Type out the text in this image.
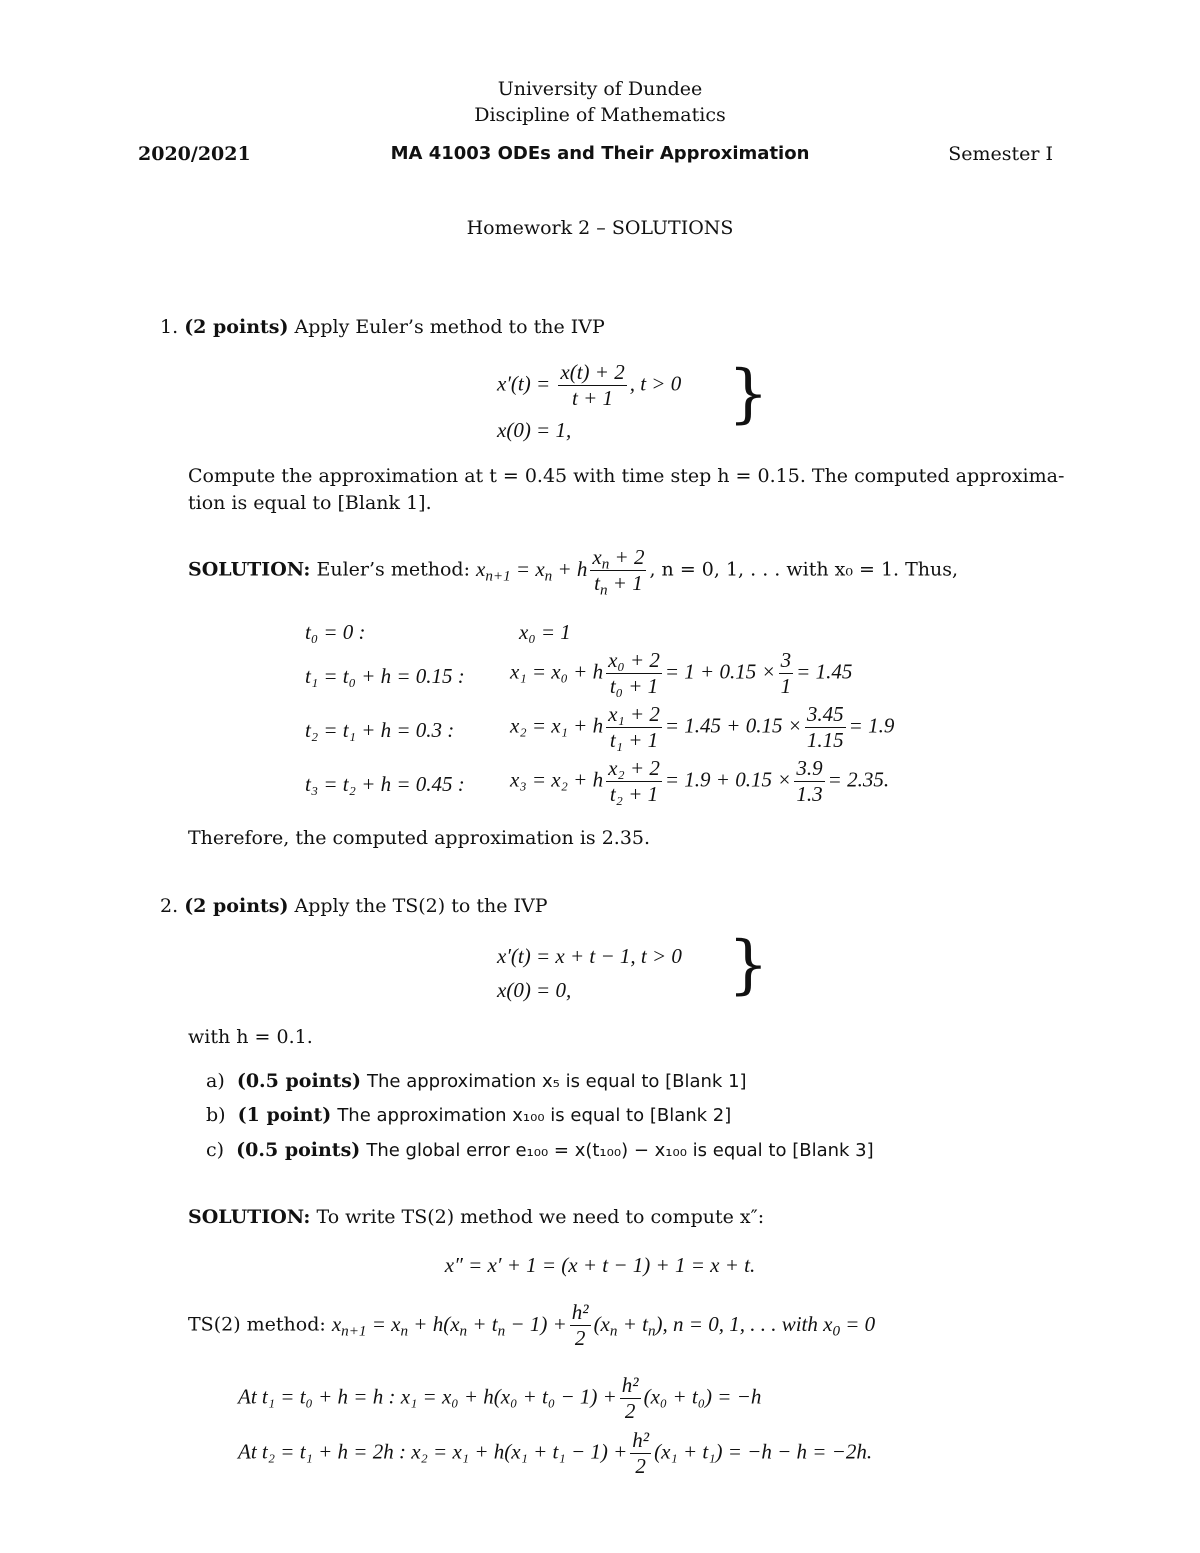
University of Dundee
Discipline of Mathematics
2020/2021	MA 41003 ODEs and Their Approximation	Semester I
Homework 2 – SOLUTIONS
1. (2 points) Apply Euler’s method to the IVP
$x'(t) = \frac{x(t) + 2}{t + 1}$ , t > 0
x(0) = 1, }
Compute the approximation at t = 0.45 with time step h = 0.15. The computed approxima-
tion is equal to [Blank 1].
SOLUTION: Euler’s method: $x_{n+1} = x_n + h \frac{x_n + 2}{t_n + 1}$ , n = 0, 1, . . . with x₀ = 1. Thus,
t₀ = 0 :	x₀ = 1
t₁ = t₀ + h = 0.15 : x₁ = x₀ + h $\frac{\text{x₀ + 2}}{\text{t₀ + 1}} = 1 + 0.15 \times \frac{3}{1} = 1.45$
t₂ = t₁ + h = 0.3 :	x₂ = x₁ + h $\frac{\text{x₁ + 2}}{\text{t₁ + 1}} = 1.45 + 0.15 \times \frac{3.45}{1.15} = 1.9$
t₃ = t₂ + h = 0.45 : x₃ = x₂ + h $\frac{\text{x₂ + 2}}{\text{t₂ + 1}} = 1.9 + 0.15 \times \frac{3.9}{1.3} = 2.35$.
Therefore, the computed approximation is 2.35.
2. (2 points) Apply the TS(2) to the IVP
x′(t) = x + t − 1, t > 0
x(0) = 0, }
with h = 0.1.
a) (0.5 points) The approximation x₅ is equal to [Blank 1]
b) (1 point) The approximation x₁₀₀ is equal to [Blank 2]
c) (0.5 points) The global error e₁₀₀ = x(t₁₀₀) − x₁₀₀ is equal to [Blank 3]
SOLUTION: To write TS(2) method we need to compute x″:
x″ = x′ + 1 = (x + t − 1) + 1 = x + t.
TS(2) method: $x_{n+1} = x_n + h(x_n + t_n - 1) + \frac{\text{h²}}{2} (x_n + t_n)$, n = 0, 1, . . . with $x_0 = 0$
At t₁ = t₀ + h = h : $x_1 = x_0 + h(x_0 + t_0 - 1) + \frac{\text{h²}}{2} (x_0 + t_0) = -h$
At t₂ = t₁ + h = 2h : $x_2 = x_1 + h(x_1 + t_1 - 1) + \frac{\text{h²}}{2} (x_1 + t_1) = -h - h = -2h$.
